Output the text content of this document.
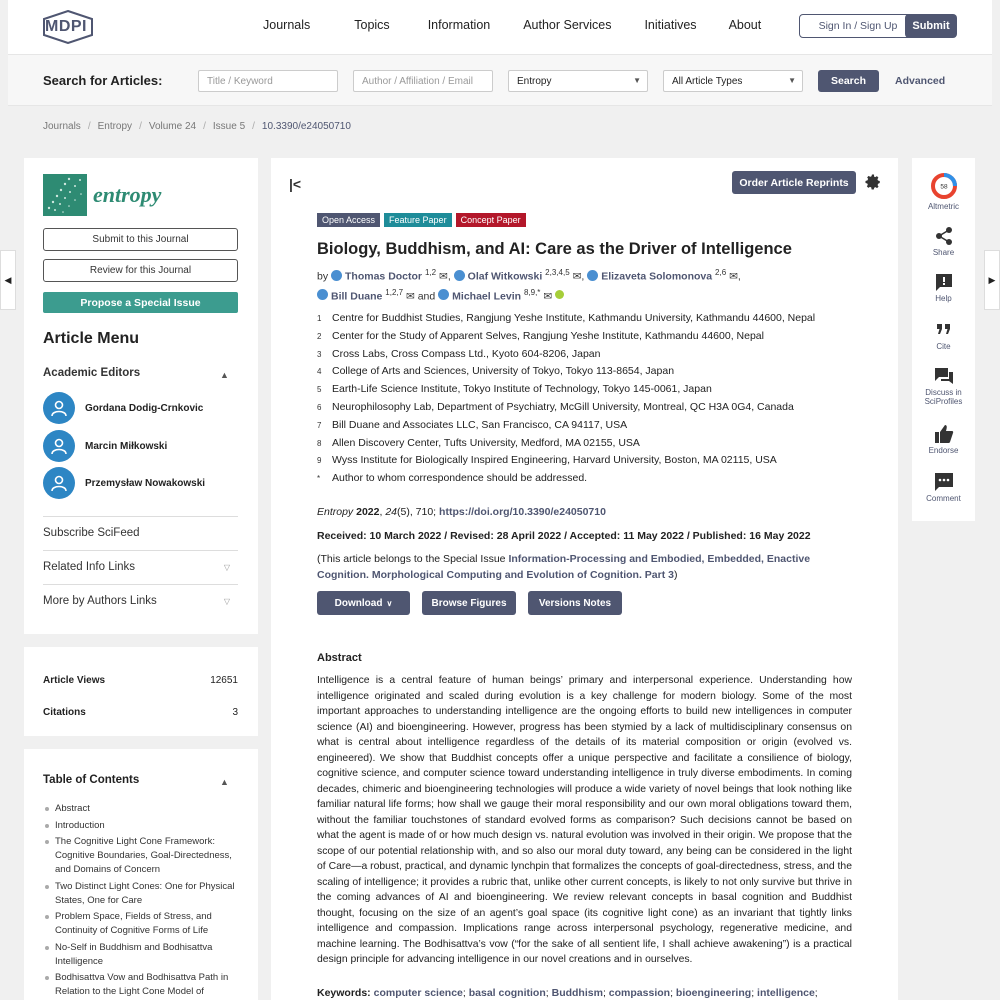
MDPI	Journals	Topics	Information	Author Services	Initiatives	About	Sign In / Sign Up	Submit
Search for Articles:	Title / Keyword	Author / Affiliation / Email	Entropy	▼	All Article Types	▼	Search	Advanced
Journals / Entropy / Volume 24 / Issue 5 / 10.3390/e24050710
entropy
Submit to this Journal
Review for this Journal
Propose a Special Issue
Article Menu
Academic Editors	▲
Gordana Dodig-Crnkovic
Marcin Miłkowski
Przemysław Nowakowski
Subscribe SciFeed
Related Info Links	▽
More by Authors Links	▽
Article Views	12651
Citations	3
Table of Contents	▲
Abstract
Introduction
The Cognitive Light Cone Framework: Cognitive Boundaries, Goal-Directedness, and Domains of Concern
Two Distinct Light Cones: One for Physical States, One for Care
Problem Space, Fields of Stress, and Continuity of Cognitive Forms of Life
No-Self in Buddhism and Bodhisattva Intelligence
Bodhisattva Vow and Bodhisattva Path in Relation to the Light Cone Model of
|<	Order Article Reprints
Open Access	Feature Paper	Concept Paper
Biology, Buddhism, and AI: Care as the Driver of Intelligence
by Thomas Doctor $^{1,2}$ ✉, Olaf Witkowski $^{2,3,4,5}$ ✉, Elizaveta Solomonova $^{2,6}$ ✉,
Bill Duane $^{1,2,7}$ ✉ and Michael Levin $^{8,9,*}$ ✉
1	Centre for Buddhist Studies, Rangjung Yeshe Institute, Kathmandu University, Kathmandu 44600, Nepal
2	Center for the Study of Apparent Selves, Rangjung Yeshe Institute, Kathmandu 44600, Nepal
3	Cross Labs, Cross Compass Ltd., Kyoto 604-8206, Japan
4	College of Arts and Sciences, University of Tokyo, Tokyo 113-8654, Japan
5	Earth-Life Science Institute, Tokyo Institute of Technology, Tokyo 145-0061, Japan
6	Neurophilosophy Lab, Department of Psychiatry, McGill University, Montreal, QC H3A 0G4, Canada
7	Bill Duane and Associates LLC, San Francisco, CA 94117, USA
8	Allen Discovery Center, Tufts University, Medford, MA 02155, USA
9	Wyss Institute for Biologically Inspired Engineering, Harvard University, Boston, MA 02115, USA
*	Author to whom correspondence should be addressed.
Entropy 2022, 24(5), 710; https://doi.org/10.3390/e24050710
Received: 10 March 2022 / Revised: 28 April 2022 / Accepted: 11 May 2022 / Published: 16 May 2022
(This article belongs to the Special Issue Information-Processing and Embodied, Embedded, Enactive Cognition. Morphological Computing and Evolution of Cognition. Part 3)
Download ∨	Browse Figures	Versions Notes
Abstract
Intelligence is a central feature of human beings’ primary and interpersonal experience. Understanding how intelligence originated and scaled during evolution is a key challenge for modern biology. Some of the most important approaches to understanding intelligence are the ongoing efforts to build new intelligences in computer science (AI) and bioengineering. However, progress has been stymied by a lack of multidisciplinary consensus on what is central about intelligence regardless of the details of its material composition or origin (evolved vs. engineered). We show that Buddhist concepts offer a unique perspective and facilitate a consilience of biology, cognitive science, and computer science toward understanding intelligence in truly diverse embodiments. In coming decades, chimeric and bioengineering technologies will produce a wide variety of novel beings that look nothing like familiar natural life forms; how shall we gauge their moral responsibility and our own moral obligations toward them, without the familiar touchstones of standard evolved forms as comparison? Such decisions cannot be based on what the agent is made of or how much design vs. natural evolution was involved in their origin. We propose that the scope of our potential relationship with, and so also our moral duty toward, any being can be considered in the light of Care—a robust, practical, and dynamic lynchpin that formalizes the concepts of goal-directedness, stress, and the scaling of intelligence; it provides a rubric that, unlike other current concepts, is likely to not only survive but thrive in the coming advances of AI and bioengineering. We review relevant concepts in basal cognition and Buddhist thought, focusing on the size of an agent’s goal space (its cognitive light cone) as an invariant that tightly links intelligence and compassion. Implications range across interpersonal psychology, regenerative medicine, and machine learning. The Bodhisattva’s vow (“for the sake of all sentient life, I shall achieve awakening”) is a practical design principle for advancing intelligence in our novel creations and in ourselves.
Keywords: computer science; basal cognition; Buddhism; compassion; bioengineering; intelligence;
58
Altmetric
Share
Help
Cite
Discuss in SciProfiles
Endorse
Comment
◀	▶
